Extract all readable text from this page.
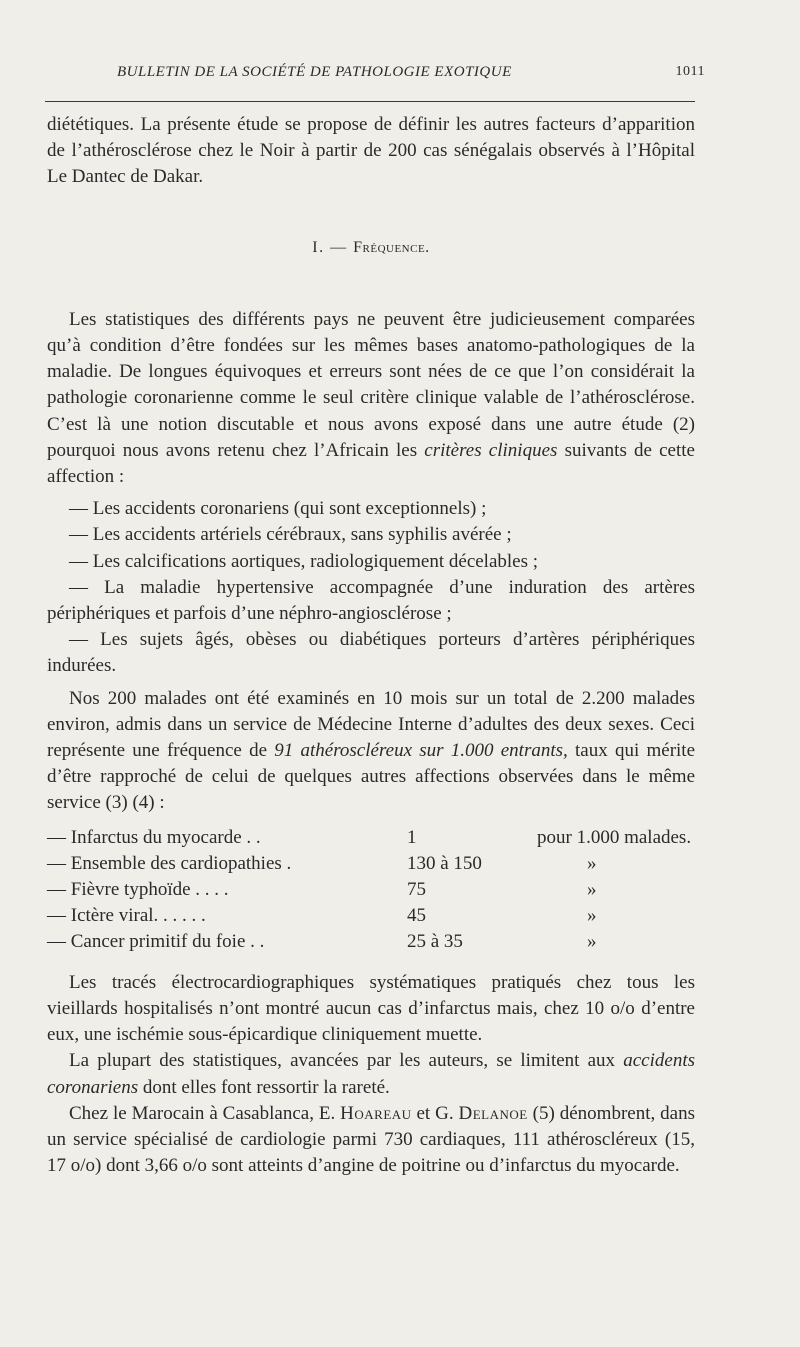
BULLETIN DE LA SOCIÉTÉ DE PATHOLOGIE EXOTIQUE	1011

diététiques. La présente étude se propose de définir les autres facteurs d’apparition de l’athérosclérose chez le Noir à partir de 200 cas sénégalais observés à l’Hôpital Le Dantec de Dakar.

I. — Fréquence.

Les statistiques des différents pays ne peuvent être judicieusement comparées qu’à condition d’être fondées sur les mêmes bases anatomo-pathologiques de la maladie. De longues équivoques et erreurs sont nées de ce que l’on considérait la pathologie coronarienne comme le seul critère clinique valable de l’athérosclérose. C’est là une notion discutable et nous avons exposé dans une autre étude (2) pourquoi nous avons retenu chez l’Africain les critères cliniques suivants de cette affection :

— Les accidents coronariens (qui sont exceptionnels) ;

— Les accidents artériels cérébraux, sans syphilis avérée ;

— Les calcifications aortiques, radiologiquement décelables ;

— La maladie hypertensive accompagnée d’une induration des artères périphériques et parfois d’une néphro-angiosclérose ;

— Les sujets âgés, obèses ou diabétiques porteurs d’artères périphériques indurées.

Nos 200 malades ont été examinés en 10 mois sur un total de 2.200 malades environ, admis dans un service de Médecine Interne d’adultes des deux sexes. Ceci représente une fréquence de 91 athéroscléreux sur 1.000 entrants, taux qui mérite d’être rapproché de celui de quelques autres affections observées dans le même service (3) (4) :

— Infarctus du myocarde . .	1	pour 1.000 malades.
— Ensemble des cardiopathies .	130 à 150	»
— Fièvre typhoïde . . . .	75	»
— Ictère viral. . . . . .	45	»
— Cancer primitif du foie . .	25 à 35	»

Les tracés électrocardiographiques systématiques pratiqués chez tous les vieillards hospitalisés n’ont montré aucun cas d’infarctus mais, chez 10 o/o d’entre eux, une ischémie sous-épicardique cliniquement muette.

La plupart des statistiques, avancées par les auteurs, se limitent aux accidents coronariens dont elles font ressortir la rareté.

Chez le Marocain à Casablanca, E. Hoareau et G. Delanoe (5) dénombrent, dans un service spécialisé de cardiologie parmi 730 cardiaques, 111 athéroscléreux (15, 17 o/o) dont 3,66 o/o sont atteints d’angine de poitrine ou d’infarctus du myocarde.
